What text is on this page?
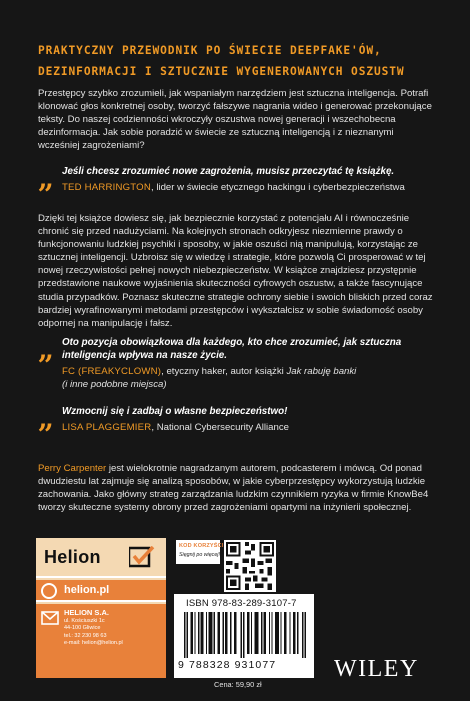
PRAKTYCZNY PRZEWODNIK PO ŚWIECIE DEEPFAKE'ÓW,
DEZINFORMACJI I SZTUCZNIE WYGENEROWANYCH OSZUSTW

Przestępcy szybko zrozumieli, jak wspaniałym narzędziem jest sztuczna inteligencja. Potrafi klonować głos konkretnej osoby, tworzyć fałszywe nagrania wideo i generować przekonujące teksty. Do naszej codzienności wkroczyły oszustwa nowej generacji i wszechobecna dezinformacja. Jak sobie poradzić w świecie ze sztuczną inteligencją i z nieznanymi wcześniej zagrożeniami?

„ Jeśli chcesz zrozumieć nowe zagrożenia, musisz przeczytać tę książkę.
TED HARRINGTON, lider w świecie etycznego hackingu i cyberbezpieczeństwa

Dzięki tej książce dowiesz się, jak bezpiecznie korzystać z potencjału AI i równocześnie chronić się przed nadużyciami. Na kolejnych stronach odkryjesz niezmienne prawdy o funkcjonowaniu ludzkiej psychiki i sposoby, w jakie oszuści nią manipulują, korzystając ze sztucznej inteligencji. Uzbroisz się w wiedzę i strategie, które pozwolą Ci prosperować w tej nowej rzeczywistości pełnej nowych niebezpieczeństw. W książce znajdziesz przystępnie przedstawione naukowe wyjaśnienia skuteczności cyfrowych oszustw, a także fascynujące studia przypadków. Poznasz skuteczne strategie ochrony siebie i swoich bliskich przed coraz bardziej wyrafinowanymi metodami przestępców i wykształcisz w sobie świadomość osoby odpornej na manipulację i fałsz.

„ Oto pozycja obowiązkowa dla każdego, kto chce zrozumieć, jak sztuczna inteligencja wpływa na nasze życie.
FC (FREAKYCLOWN), etyczny haker, autor książki Jak rabuję banki
(i inne podobne miejsca)
„ Wzmocnij się i zadbaj o własne bezpieczeństwo!
LISA PLAGGEMIER, National Cybersecurity Alliance

Perry Carpenter jest wielokrotnie nagradzanym autorem, podcasterem i mówcą. Od ponad dwudziestu lat zajmuje się analizą sposobów, w jakie cyberprzestępcy wykorzystują ludzkie zachowania. Jako główny strateg zarządzania ludzkim czynnikiem ryzyka w firmie KnowBe4 tworzy skuteczne systemy obrony przed zagrożeniami opartymi na inżynierii społecznej.

Helion
helion.pl
HELION S.A.
ul. Kościuszki 1c
44-100 Gliwice
tel.: 32 230 98 63
e-mail: helion@helion.pl
KOD KORZYŚCI
Sięgnij po więcej!
ISBN 978-83-289-3107-7
9 788328 931077
Cena: 59,90 zł
WILEY
